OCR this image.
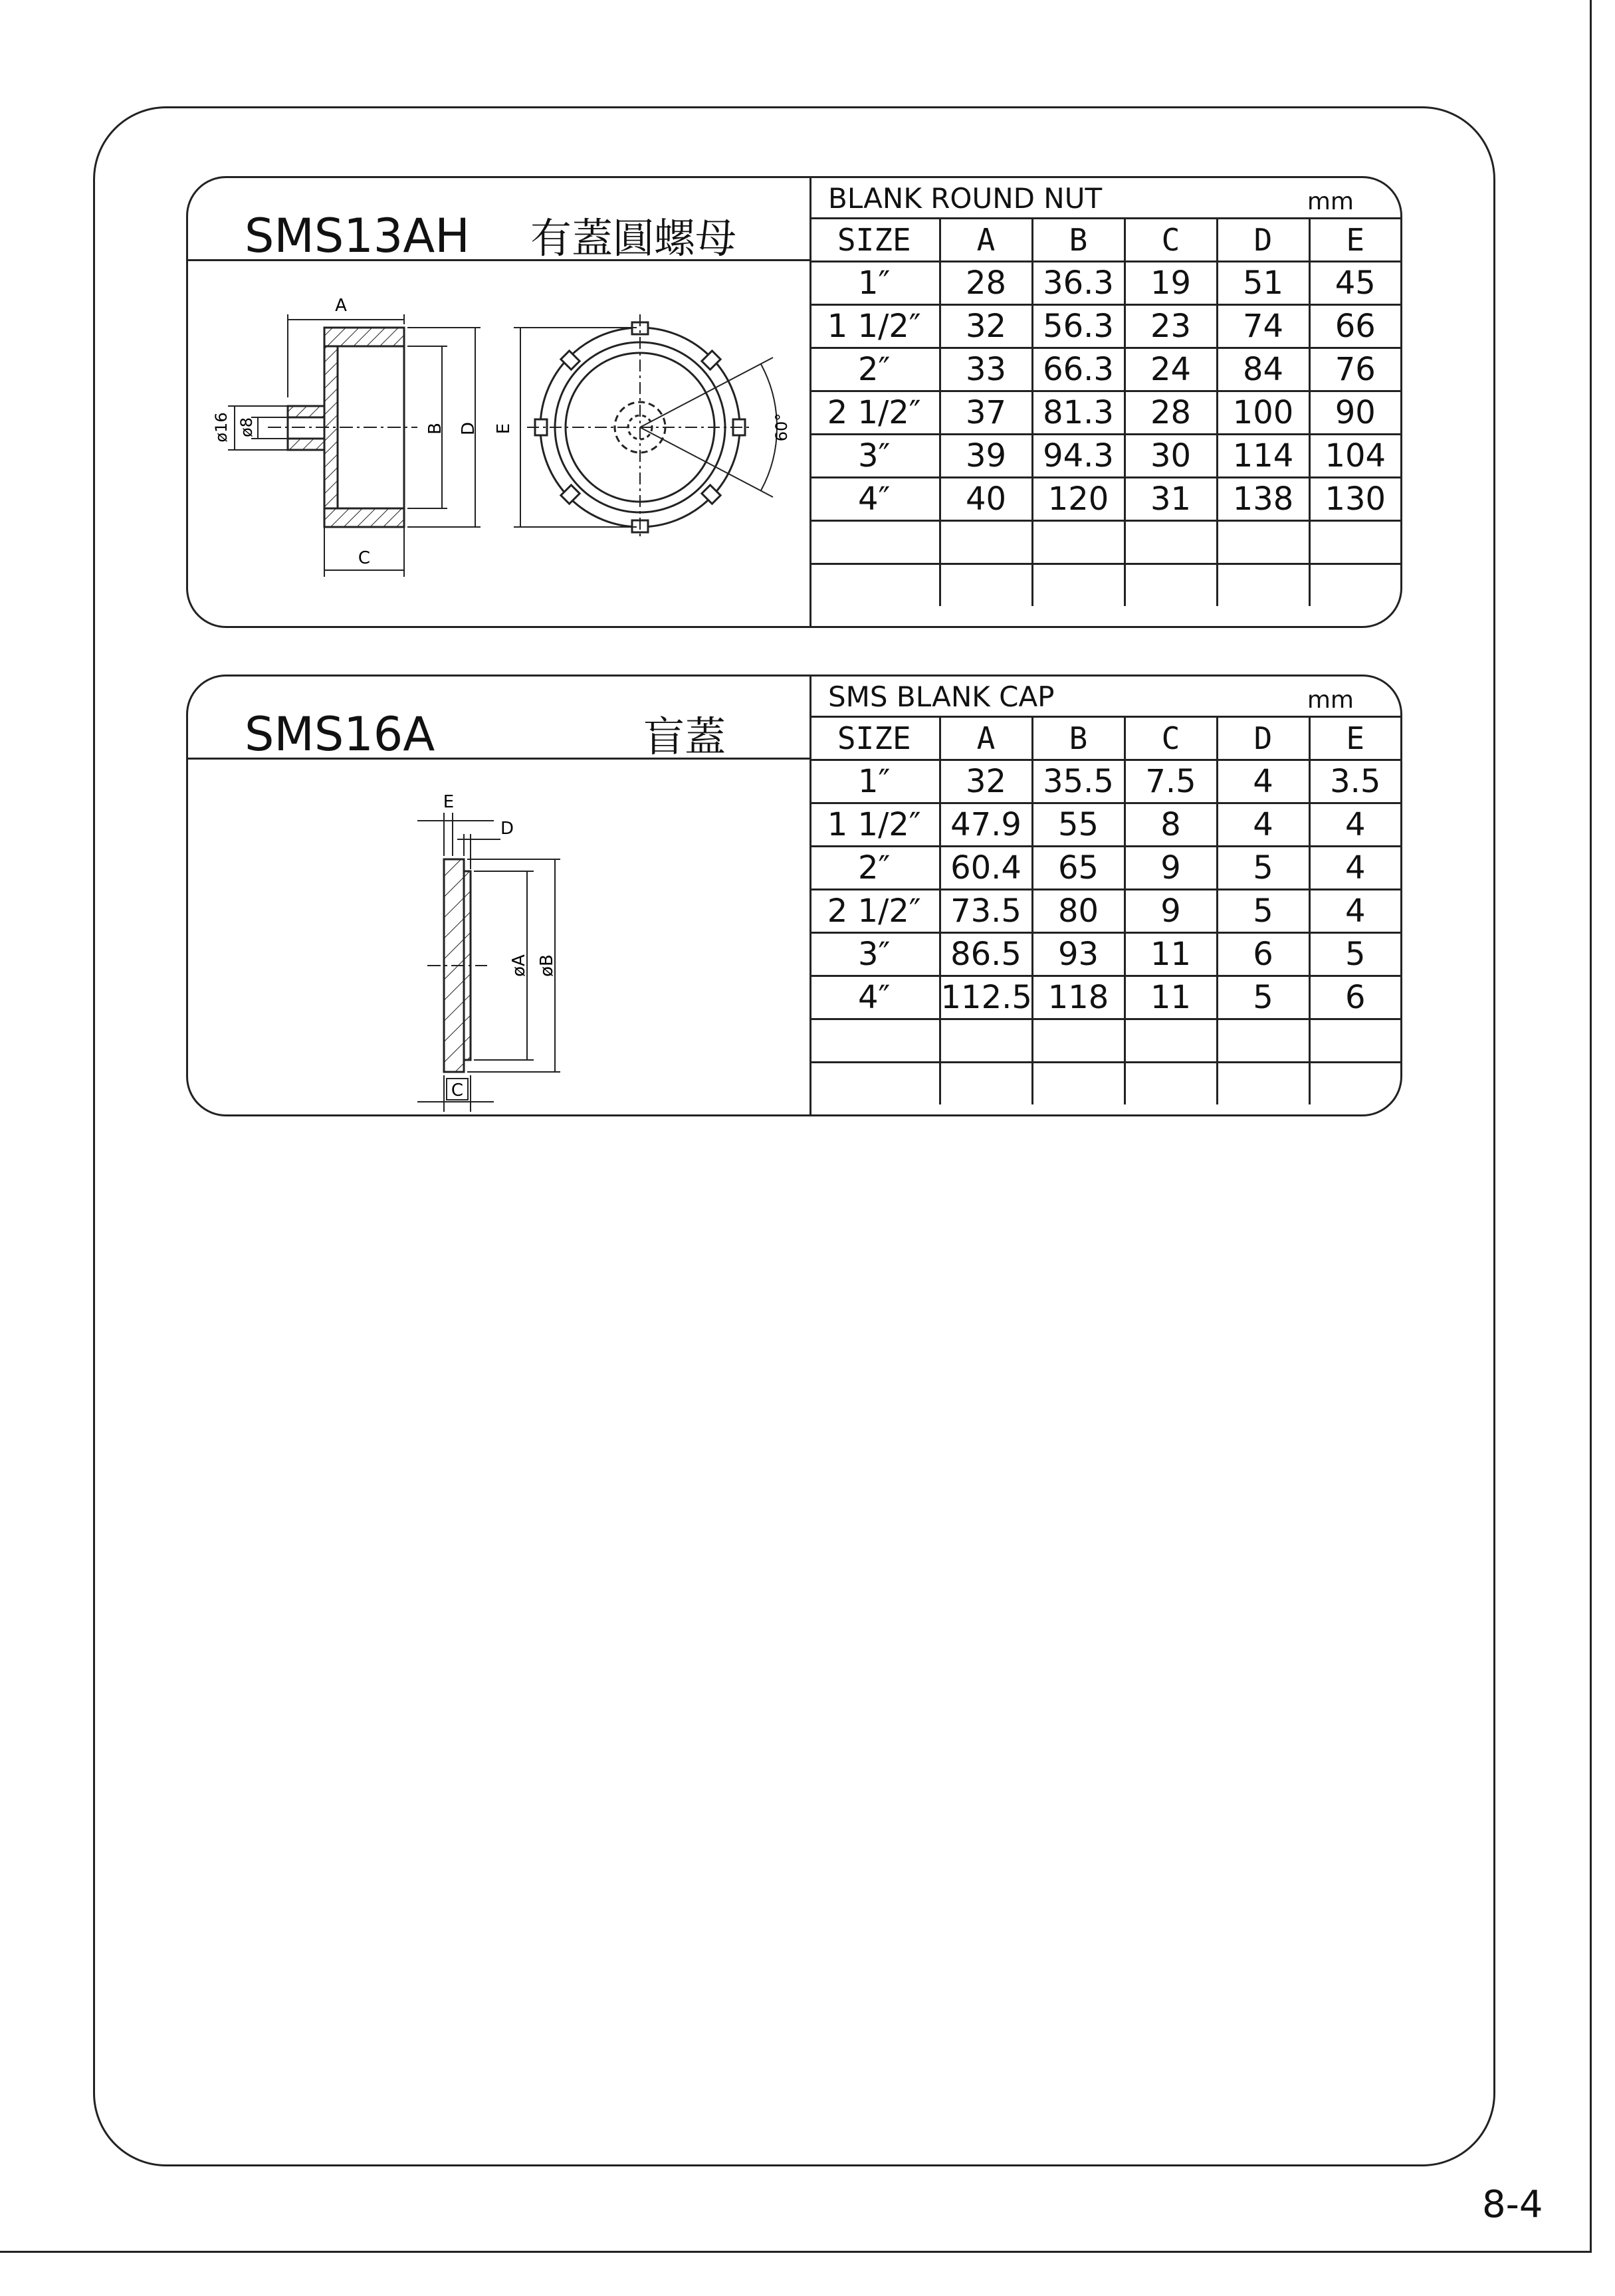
SMS13AH 有蓋圓螺母
A
C
B D
ø16 ø8	60°
E
BLANK ROUND NUT	mm
SIZE	A	B	C	D	E
1″	28	36.3	19	51	45
1 1/2″	32	56.3	23	74	66
2″	33	66.3	24	84	76
2 1/2″	37	81.3	28	100	90
3″	39	94.3	30	114	104
4″	40	120	31	138	130

SMS16A	盲蓋
E
D
C
øA øB
SMS BLANK CAP	mm
SIZE	A	B	C	D	E
1″	32	35.5	7.5	4	3.5
1 1/2″	47.9	55	8	4	4
2″	60.4	65	9	5	4
2 1/2″	73.5	80	9	5	4
3″	86.5	93	11	6	5
4″	112.5	118	11	5	6

8-4
